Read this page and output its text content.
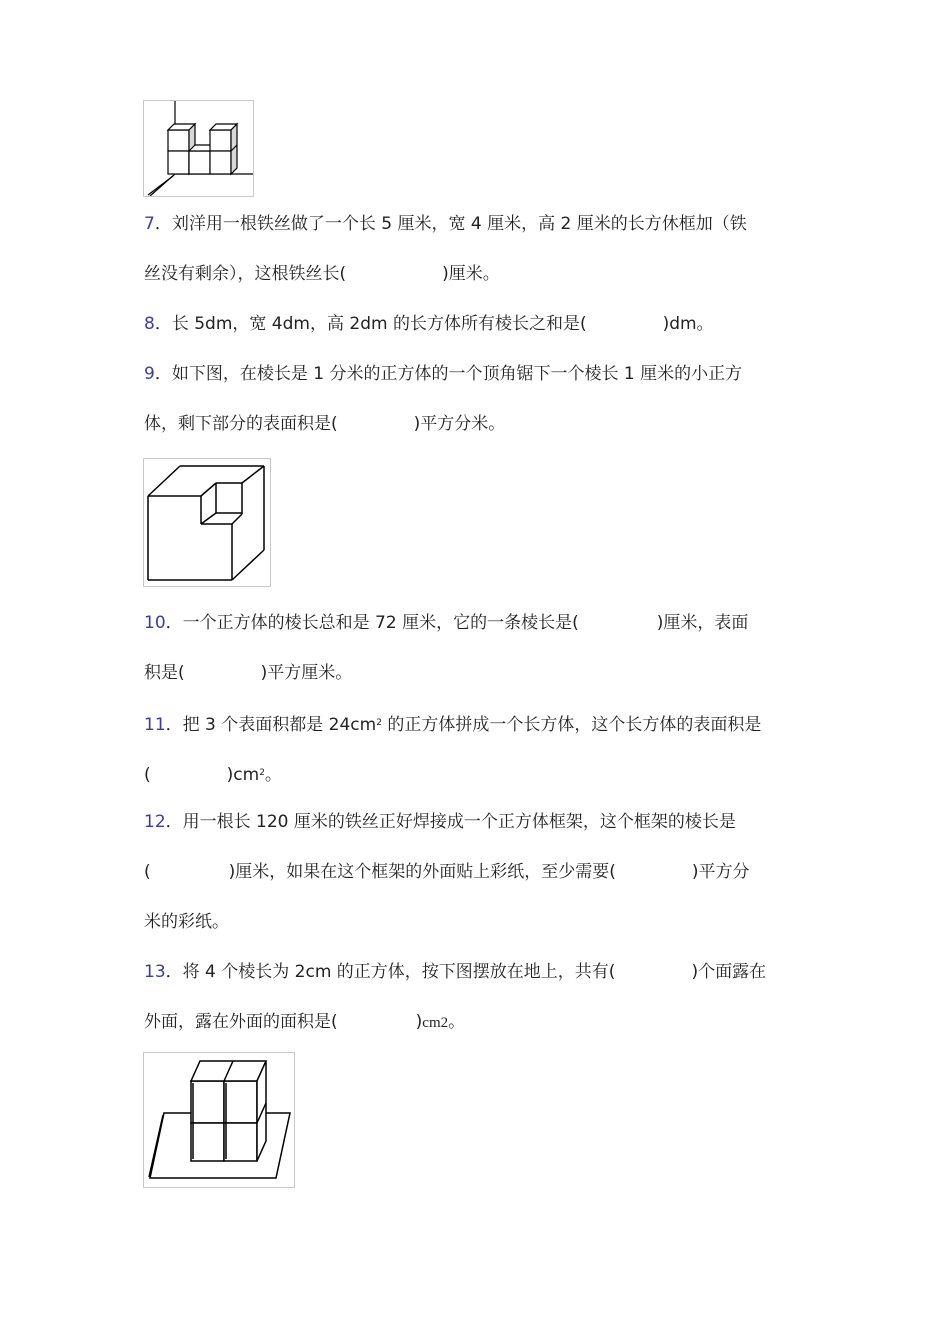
7．刘洋用一根铁丝做了一个长 5 厘米，宽 4 厘米，高 2 厘米的长方休框加（铁
丝没有剩余），这根铁丝长(	)厘米。
8．长 5dm，宽 4dm，高 2dm 的长方体所有棱长之和是(	)dm。
9．如下图，在棱长是 1 分米的正方体的一个顶角锯下一个棱长 1 厘米的小正方
体，剩下部分的表面积是(	)平方分米。
10．一个正方体的棱长总和是 72 厘米，它的一条棱长是(	)厘米，表面
积是(	)平方厘米。
11．把 3 个表面积都是 $24cm^2$ 的正方体拼成一个长方体，这个长方体的表面积是
(	)$cm^2$。
12．用一根长 120 厘米的铁丝正好焊接成一个正方体框架，这个框架的棱长是
(	)厘米，如果在这个框架的外面贴上彩纸，至少需要(	)平方分
米的彩纸。
13．将 4 个棱长为 2cm 的正方体，按下图摆放在地上，共有(	)个面露在
外面，露在外面的面积是(	)cm2。
